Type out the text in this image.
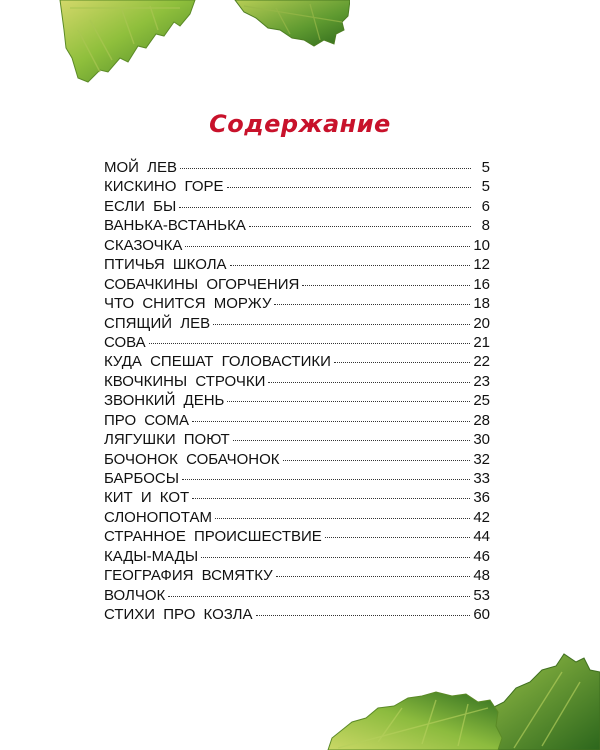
Содержание
МОЙ ЛЕВ	5
КИСКИНО ГОРЕ	5
ЕСЛИ БЫ	6
ВАНЬКА-ВСТАНЬКА	8
СКАЗОЧКА	10
ПТИЧЬЯ ШКОЛА	12
СОБАЧКИНЫ ОГОРЧЕНИЯ	16
ЧТО СНИТСЯ МОРЖУ	18
СПЯЩИЙ ЛЕВ	20
СОВА	21
КУДА СПЕШАТ ГОЛОВАСТИКИ	22
КВОЧКИНЫ СТРОЧКИ	23
ЗВОНКИЙ ДЕНЬ	25
ПРО СОМА	28
ЛЯГУШКИ ПОЮТ	30
БОЧОНОК СОБАЧОНОК	32
БАРБОСЫ	33
КИТ И КОТ	36
СЛОНОПОТАМ	42
СТРАННОЕ ПРОИСШЕСТВИЕ	44
КАДЫ-МАДЫ	46
ГЕОГРАФИЯ ВСМЯТКУ	48
ВОЛЧОК	53
СТИХИ ПРО КОЗЛА	60
